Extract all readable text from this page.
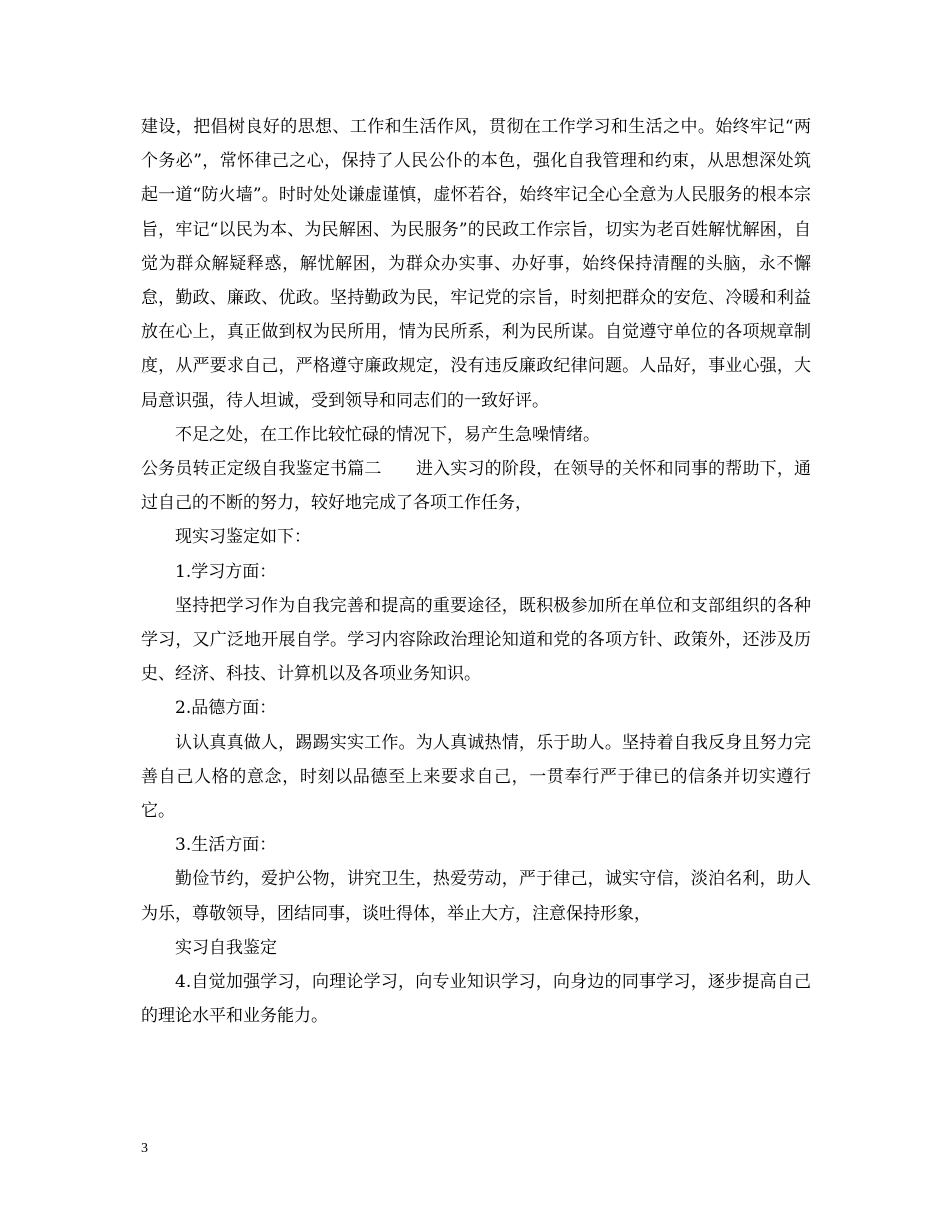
建设，把倡树良好的思想、工作和生活作风，贯彻在工作学习和生活之中。始终牢记“两个务必”，常怀律己之心，保持了人民公仆的本色，强化自我管理和约束，从思想深处筑起一道“防火墙”。时时处处谦虚谨慎，虚怀若谷，始终牢记全心全意为人民服务的根本宗旨，牢记“以民为本、为民解困、为民服务”的民政工作宗旨，切实为老百姓解忧解困，自觉为群众解疑释惑，解忧解困，为群众办实事、办好事，始终保持清醒的头脑，永不懈怠，勤政、廉政、优政。坚持勤政为民，牢记党的宗旨，时刻把群众的安危、冷暖和利益放在心上，真正做到权为民所用，情为民所系，利为民所谋。自觉遵守单位的各项规章制度，从严要求自己，严格遵守廉政规定，没有违反廉政纪律问题。人品好，事业心强，大局意识强，待人坦诚，受到领导和同志们的一致好评。

不足之处，在工作比较忙碌的情况下，易产生急噪情绪。

公务员转正定级自我鉴定书篇二　　进入实习的阶段，在领导的关怀和同事的帮助下，通过自己的不断的努力，较好地完成了各项工作任务，

现实习鉴定如下：

1.学习方面：

坚持把学习作为自我完善和提高的重要途径，既积极参加所在单位和支部组织的各种学习，又广泛地开展自学。学习内容除政治理论知道和党的各项方针、政策外，还涉及历史、经济、科技、计算机以及各项业务知识。

2.品德方面：

认认真真做人，踢踢实实工作。为人真诚热情，乐于助人。坚持着自我反身且努力完善自己人格的意念，时刻以品德至上来要求自己，一贯奉行严于律已的信条并切实遵行它。

3.生活方面：

勤俭节约，爱护公物，讲究卫生，热爱劳动，严于律己，诚实守信，淡泊名利，助人为乐，尊敬领导，团结同事，谈吐得体，举止大方，注意保持形象，

实习自我鉴定

4.自觉加强学习，向理论学习，向专业知识学习，向身边的同事学习，逐步提高自己的理论水平和业务能力。

3
